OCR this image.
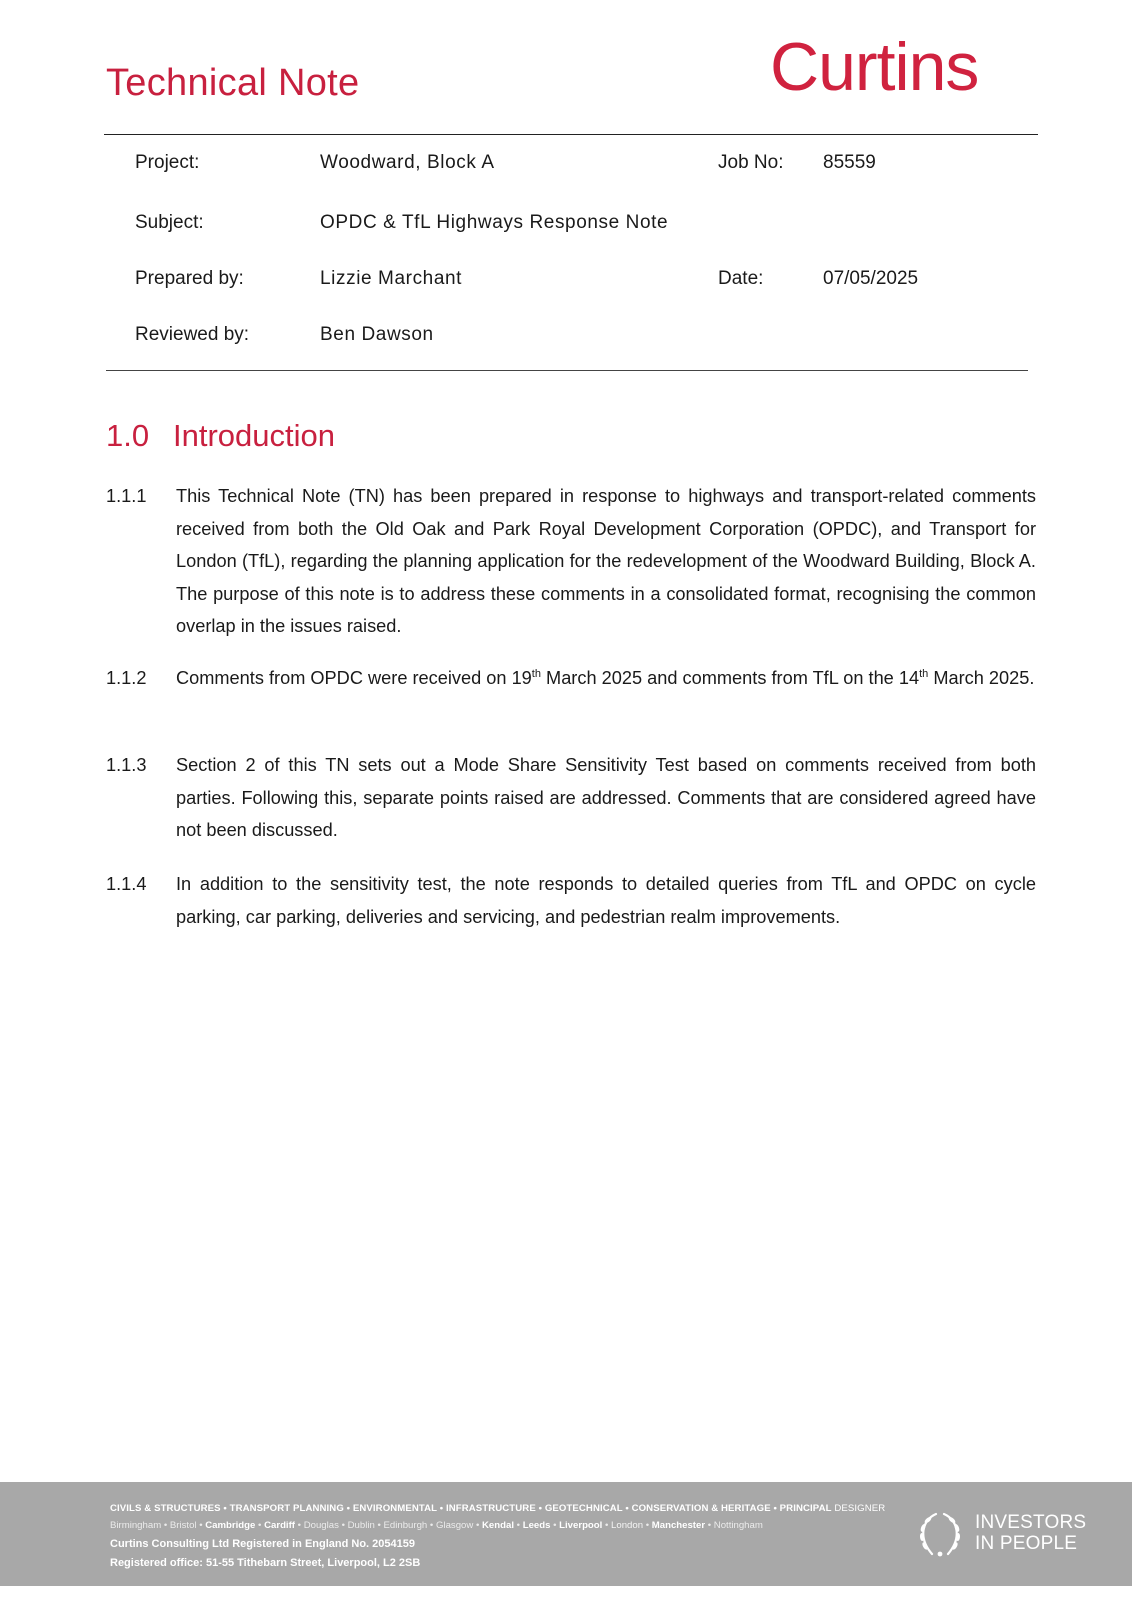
Technical Note	Curtins
Project:	Woodward, Block A	Job No: 85559
Subject:	OPDC & TfL Highways Response Note
Prepared by:	Lizzie Marchant	Date:	07/05/2025
Reviewed by:	Ben Dawson
1.0 Introduction
1.1.1 This Technical Note (TN) has been prepared in response to highways and transport-related comments received from both the Old Oak and Park Royal Development Corporation (OPDC), and Transport for London (TfL), regarding the planning application for the redevelopment of the Woodward Building, Block A. The purpose of this note is to address these comments in a consolidated format, recognising the common overlap in the issues raised.
1.1.2 Comments from OPDC were received on 19th March 2025 and comments from TfL on the 14th March 2025.
1.1.3 Section 2 of this TN sets out a Mode Share Sensitivity Test based on comments received from both parties. Following this, separate points raised are addressed. Comments that are considered agreed have not been discussed.
1.1.4 In addition to the sensitivity test, the note responds to detailed queries from TfL and OPDC on cycle parking, car parking, deliveries and servicing, and pedestrian realm improvements.
CIVILS & STRUCTURES • TRANSPORT PLANNING • ENVIRONMENTAL • INFRASTRUCTURE • GEOTECHNICAL • CONSERVATION & HERITAGE • PRINCIPAL DESIGNER
Birmingham • Bristol • Cambridge • Cardiff • Douglas • Dublin • Edinburgh • Glasgow • Kendal • Leeds • Liverpool • London • Manchester • Nottingham
Curtins Consulting Ltd Registered in England No. 2054159
Registered office: 51-55 Tithebarn Street, Liverpool, L2 2SB
INVESTORS
IN PEOPLE
